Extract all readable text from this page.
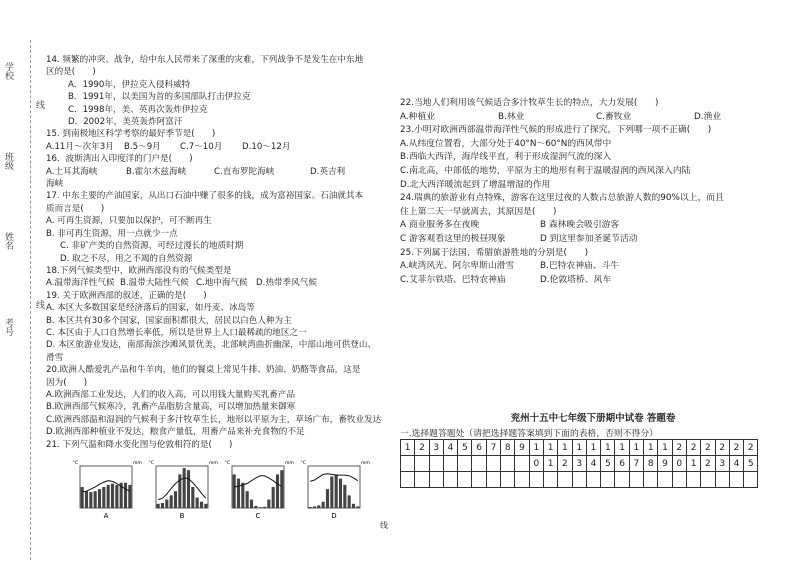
学校
班级
姓名
考号
线
线
14. 频繁的冲突、战争，给中东人民带来了深重的灾难，下列战争不是发生在中东地
区的是(　　)
A．1990年，伊拉克入侵科威特
B．1991年，以美国为首的多国部队打击伊拉克
C．1998年，美、英再次轰炸伊拉克
D．2002年，美英轰炸阿富汗
15. 到南极地区科学考察的最好季节是(　　)
A.11月～次年3月	B.5～9月	C.7～10月	D.10～12月
16．波斯湾出入印度洋的门户是(　　)
A.土耳其海峡	B.霍尔木兹海峡	C.直布罗陀海峡	D.英吉利
海峡
17. 中东主要的产油国家，从出口石油中赚了很多的钱，成为富裕国家。石油就其本
质而言是(　　)
A. 可再生资源，只要加以保护，可不断再生
B. 非可再生资源，用一点就少一点
C. 非矿产类的自然资源，可经过漫长的地质时期
D. 取之不尽，用之不竭的自然资源
18.下列气候类型中，欧洲西部没有的气候类型是
A.温带海洋性气候 B.温带大陆性气候 C.地中海气候 D.热带季风气候
19. 关于欧洲西部的叙述，正确的是(　　)
A. 本区大多数国家是经济落后的国家，如丹麦、冰岛等
B. 本区共有30多个国家，国家面积都很大，居民以白色人种为主
C. 本区由于人口自然增长率低，所以是世界上人口最稀疏的地区之一
D. 本区旅游业发达，南部海滨沙滩风景优美，北部峡湾曲折幽深，中部山地可供登山、
滑雪
20.欧洲人酷爱乳产品和牛羊肉，他们的餐桌上常见牛排、奶油、奶酪等食品，这是
因为(　　)
A.欧洲西部工业发达，人们的收入高，可以用钱大量购买乳畜产品
B.欧洲西部气候寒冷，乳畜产品脂肪含量高，可以增加热量来御寒
C.欧洲西部温和湿润的气候利于多汁牧草生长，地形以平原为主，草场广布，畜牧业发达
D.欧洲西部种植业不发达，粮食产量低，用畜产品来补充食物的不足
21. 下列气温和降水变化图与伦敦相符的是(　　)
A
°C	mm
B
°C	mm
C
°C	mm
D
°C	mm
22.当地人们利用该气候适合多汁牧草生长的特点，大力发展(　　)
A.种植业	B.林业	C.畜牧业	D.渔业
23.小明对欧洲西部温带海洋性气候的形成进行了探究，下列哪一项不正确(　　)
A.从纬度位置看，大部分处于40°N～60°N的西风带中
B.西临大西洋，海岸线平直，利于形成湿润气流的深入
C.南北高，中部低的地势，平原为主的地形有利于温暖湿润的西风深入内陆
D.北大西洋暖流起到了增温增湿的作用
24.瑞典的旅游业有点特殊，游客在这里过夜的人数占总旅游人数的90%以上，而且
住上第二天一早就离去，其原因是(　　)
A 商业服务多在夜晚	B 森林晚会吸引游客
C 游客观看这里的极昼现象	D 到这里参加圣诞节活动
25.下列属于法国、希腊旅游胜地的分别是(　　)
A.峡湾风光、阿尔卑斯山滑雪	B.巴特农神庙、斗牛
C.艾菲尔铁塔、巴特农神庙	D.伦敦塔桥、风车
线
兖州十五中七年级下册期中试卷 答题卷
一.选择题答题处（请把选择题答案填到下面的表格，否则不得分）
1	2	3	4	5	6	7	8	9	1	1	1	1	1	1	1	1	1	1	2	2	2	2	2	2
									0	1	2	3	4	5	6	7	8	9	0	1	2	3	4	5
